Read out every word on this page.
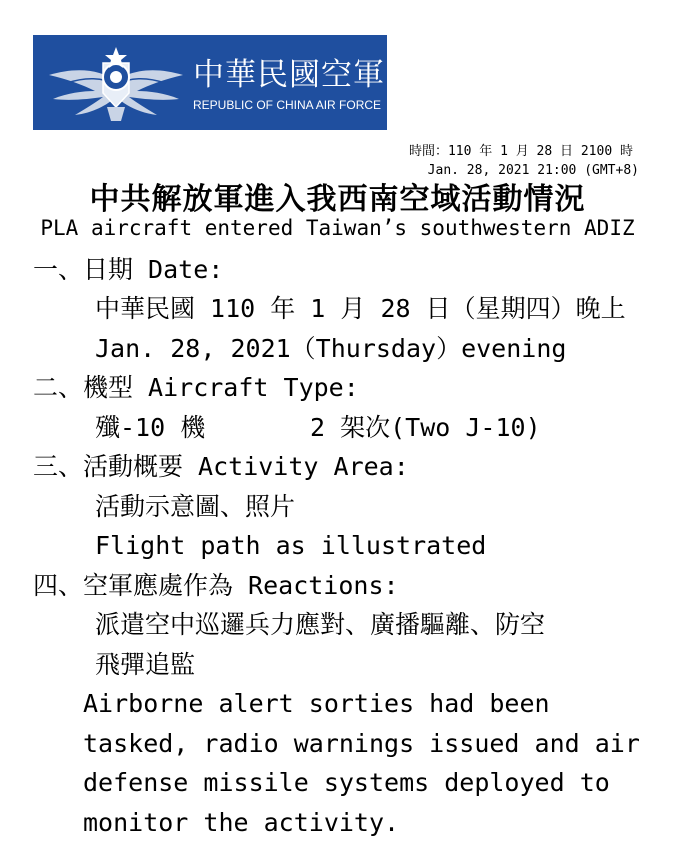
中華民國空軍
REPUBLIC OF CHINA AIR FORCE
時間：110 年 1 月 28 日 2100 時
Jan. 28, 2021 21:00 (GMT+8)
中共解放軍進入我西南空域活動情況
PLA aircraft entered Taiwan’s southwestern ADIZ
一、日期 Date:
中華民國 110 年 1 月 28 日（星期四）晚上
Jan. 28, 2021（Thursday）evening
二、機型 Aircraft Type:
殲-10 機	2 架次(Two J-10)
三、活動概要 Activity Area:
活動示意圖、照片
Flight path as illustrated
四、空軍應處作為 Reactions:
派遣空中巡邏兵力應對、廣播驅離、防空
飛彈追監
Airborne alert sorties had been
tasked, radio warnings issued and air
defense missile systems deployed to
monitor the activity.
